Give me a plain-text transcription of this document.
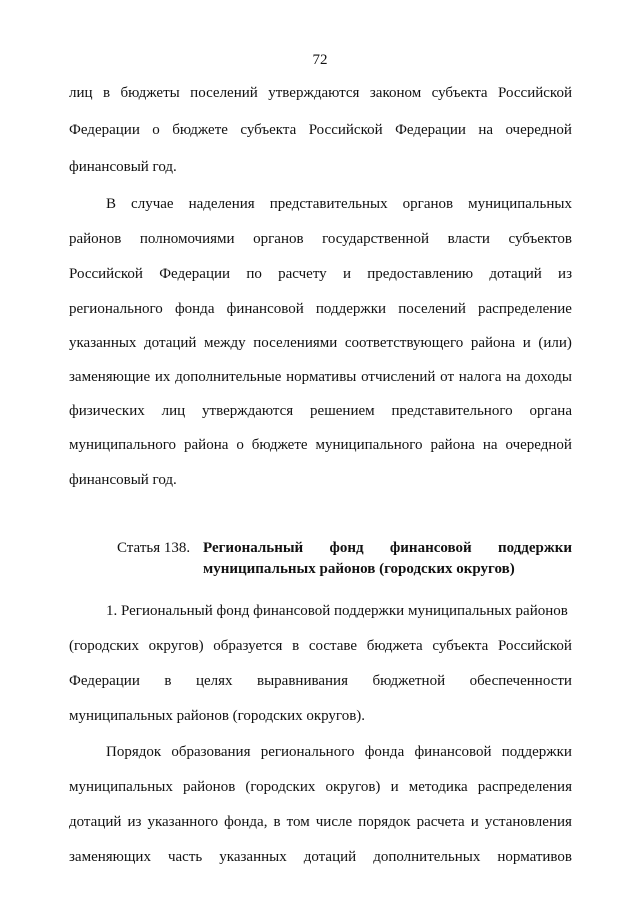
72
лиц в бюджеты поселений утверждаются законом субъекта Российской
Федерации о бюджете субъекта Российской Федерации на очередной
финансовый год.
В случае наделения представительных органов муниципальных
районов полномочиями органов государственной власти субъектов
Российской Федерации по расчету и предоставлению дотаций из
регионального фонда финансовой поддержки поселений распределение
указанных дотаций между поселениями соответствующего района и (или)
заменяющие их дополнительные нормативы отчислений от налога на доходы
физических лиц утверждаются решением представительного органа
муниципального района о бюджете муниципального района на очередной
финансовый год.
Статья 138. Региональный фонд финансовой поддержки
муниципальных районов (городских округов)
1. Региональный фонд финансовой поддержки муниципальных районов
(городских округов) образуется в составе бюджета субъекта Российской
Федерации в целях выравнивания бюджетной обеспеченности
муниципальных районов (городских округов).
Порядок образования регионального фонда финансовой поддержки
муниципальных районов (городских округов) и методика распределения
дотаций из указанного фонда, в том числе порядок расчета и установления
заменяющих часть указанных дотаций дополнительных нормативов
